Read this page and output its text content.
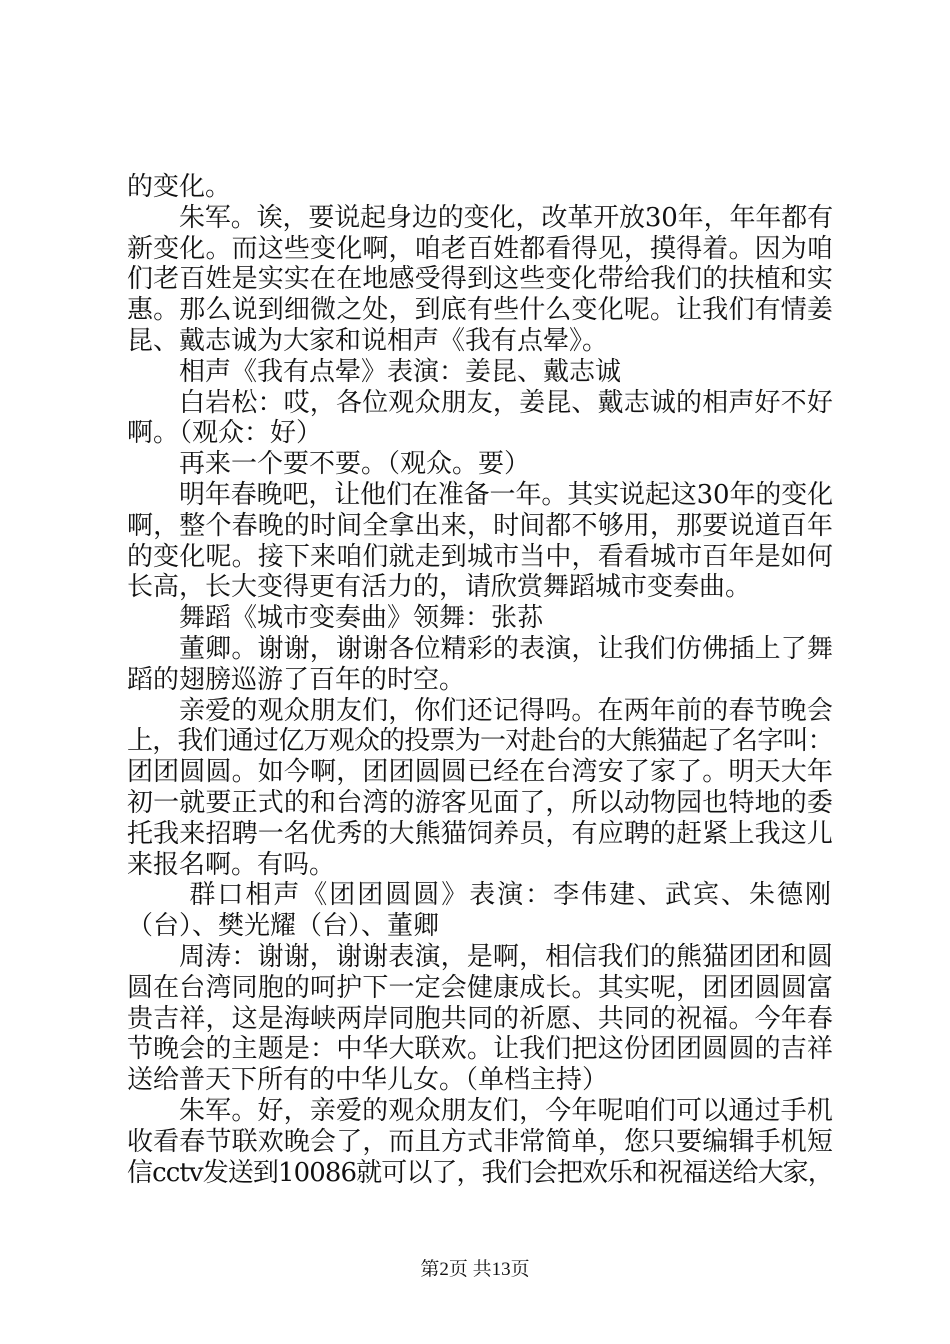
的变化。
朱军。诶，要说起身边的变化，改革开放30年，年年都有
新变化。而这些变化啊，咱老百姓都看得见，摸得着。因为咱
们老百姓是实实在在地感受得到这些变化带给我们的扶植和实
惠。那么说到细微之处，到底有些什么变化呢。让我们有情姜
昆、戴志诚为大家和说相声《我有点晕》。
相声《我有点晕》表演：姜昆、戴志诚
白岩松：哎，各位观众朋友，姜昆、戴志诚的相声好不好
啊。（观众：好）
再来一个要不要。（观众。要）
明年春晚吧，让他们在准备一年。其实说起这30年的变化
啊，整个春晚的时间全拿出来，时间都不够用，那要说道百年
的变化呢。接下来咱们就走到城市当中，看看城市百年是如何
长高，长大变得更有活力的，请欣赏舞蹈城市变奏曲。
舞蹈《城市变奏曲》领舞：张荪
董卿。谢谢，谢谢各位精彩的表演，让我们仿佛插上了舞
蹈的翅膀巡游了百年的时空。
亲爱的观众朋友们，你们还记得吗。在两年前的春节晚会
上，我们通过亿万观众的投票为一对赴台的大熊猫起了名字叫：
团团圆圆。如今啊，团团圆圆已经在台湾安了家了。明天大年
初一就要正式的和台湾的游客见面了，所以动物园也特地的委
托我来招聘一名优秀的大熊猫饲养员，有应聘的赶紧上我这儿
来报名啊。有吗。
群口相声《团团圆圆》表演：李伟建、武宾、朱德刚
（台）、樊光耀（台）、董卿
周涛：谢谢，谢谢表演，是啊，相信我们的熊猫团团和圆
圆在台湾同胞的呵护下一定会健康成长。其实呢，团团圆圆富
贵吉祥，这是海峡两岸同胞共同的祈愿、共同的祝福。今年春
节晚会的主题是：中华大联欢。让我们把这份团团圆圆的吉祥
送给普天下所有的中华儿女。（单档主持）
朱军。好，亲爱的观众朋友们，今年呢咱们可以通过手机
收看春节联欢晚会了，而且方式非常简单，您只要编辑手机短
信cctv发送到10086就可以了，我们会把欢乐和祝福送给大家，
第2页 共13页
